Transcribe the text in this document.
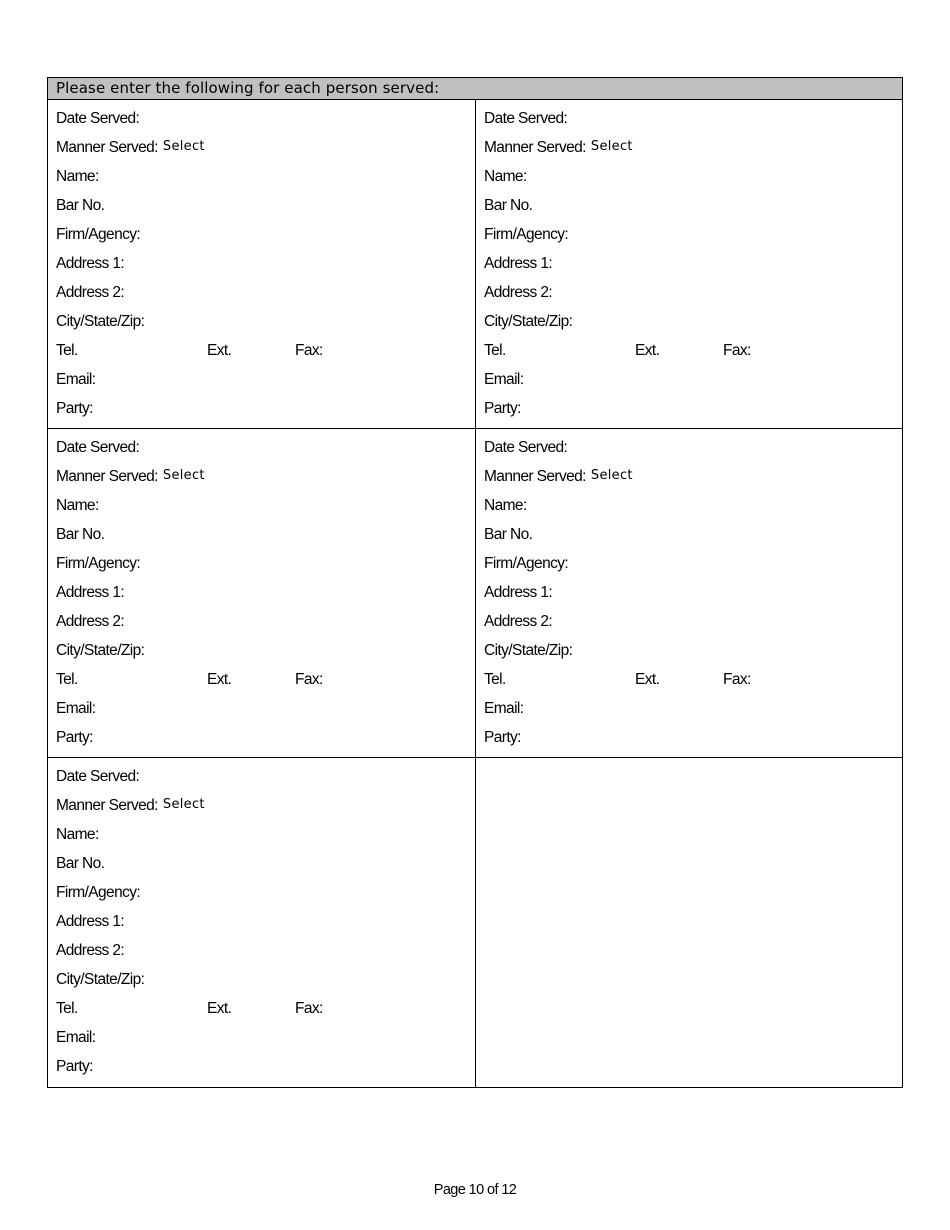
Please enter the following for each person served:
Date Served:
Manner Served: Select
Name:
Bar No.
Firm/Agency:
Address 1:
Address 2:
City/State/Zip:
Tel.	Ext.	Fax:
Email:
Party:
Date Served:
Manner Served: Select
Name:
Bar No.
Firm/Agency:
Address 1:
Address 2:
City/State/Zip:
Tel.	Ext.	Fax:
Email:
Party:
Date Served:
Manner Served: Select
Name:
Bar No.
Firm/Agency:
Address 1:
Address 2:
City/State/Zip:
Tel.	Ext.	Fax:
Email:
Party:
Date Served:
Manner Served: Select
Name:
Bar No.
Firm/Agency:
Address 1:
Address 2:
City/State/Zip:
Tel.	Ext.	Fax:
Email:
Party:
Date Served:
Manner Served: Select
Name:
Bar No.
Firm/Agency:
Address 1:
Address 2:
City/State/Zip:
Tel.	Ext.	Fax:
Email:
Party:
Page 10 of 12
